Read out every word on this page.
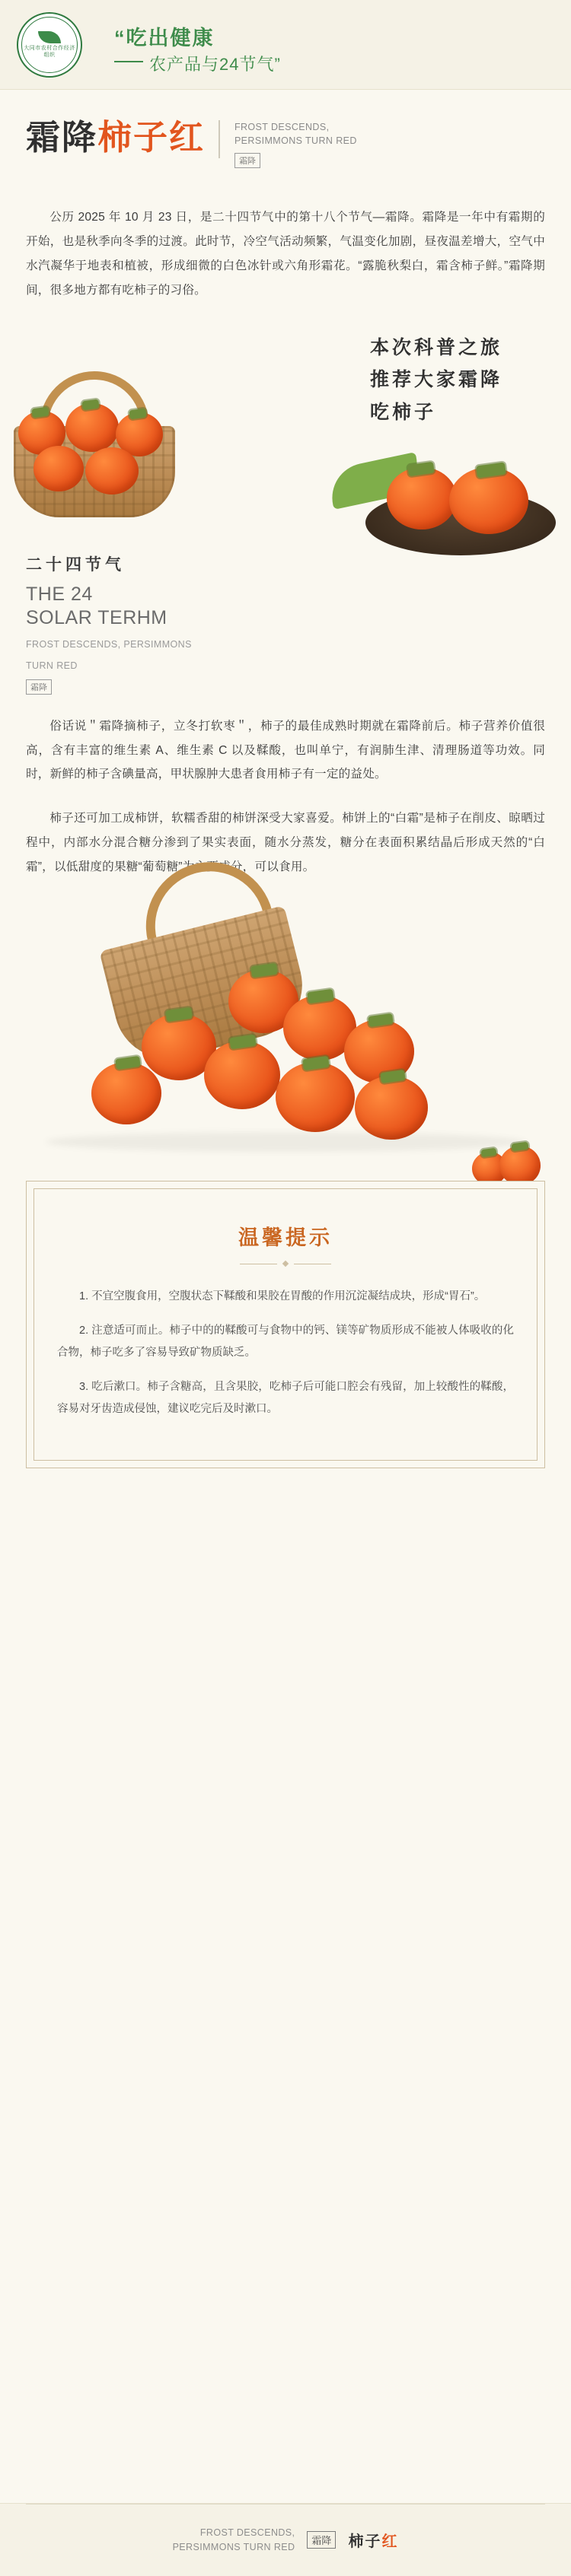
大同市农村合作经济组织
“吃出健康
农产品与24节气”
霜降柿子红	FROST DESCENDS,
PERSIMMONS TURN RED
霜降

公历 2025 年 10 月 23 日，是二十四节气中的第十八个节气—霜降。霜降是一年中有霜期的开始，也是秋季向冬季的过渡。此时节，冷空气活动频繁，气温变化加剧，昼夜温差增大，空气中水汽凝华于地表和植被，形成细微的白色冰针或六角形霜花。“露脆秋梨白，霜含柿子鲜。”霜降期间，很多地方都有吃柿子的习俗。

本次科普之旅
推荐大家霜降
吃柿子
二十四节气
THE 24
SOLAR TERHM
FROST DESCENDS, PERSIMMONS
TURN RED
霜降

俗话说＂霜降摘柿子，立冬打软枣＂，柿子的最佳成熟时期就在霜降前后。柿子营养价值很高，含有丰富的维生素 A、维生素 C 以及鞣酸，也叫单宁，有润肺生津、清理肠道等功效。同时，新鲜的柿子含碘量高，甲状腺肿大患者食用柿子有一定的益处。

柿子还可加工成柿饼，软糯香甜的柿饼深受大家喜爱。柿饼上的“白霜”是柿子在削皮、晾晒过程中，内部水分混合糖分渗到了果实表面，随水分蒸发，糖分在表面积累结晶后形成天然的“白霜”，以低甜度的果糖“葡萄糖”为主要成分，可以食用。

温馨提示

1. 不宜空腹食用，空腹状态下鞣酸和果胶在胃酸的作用沉淀凝结成块，形成“胃石”。

2. 注意适可而止。柿子中的的鞣酸可与食物中的钙、镁等矿物质形成不能被人体吸收的化合物，柿子吃多了容易导致矿物质缺乏。

3. 吃后漱口。柿子含糖高，且含果胶，吃柿子后可能口腔会有残留，加上较酸性的鞣酸，容易对牙齿造成侵蚀，建议吃完后及时漱口。

FROST DESCENDS,
PERSIMMONS TURN RED
霜降	柿子红
